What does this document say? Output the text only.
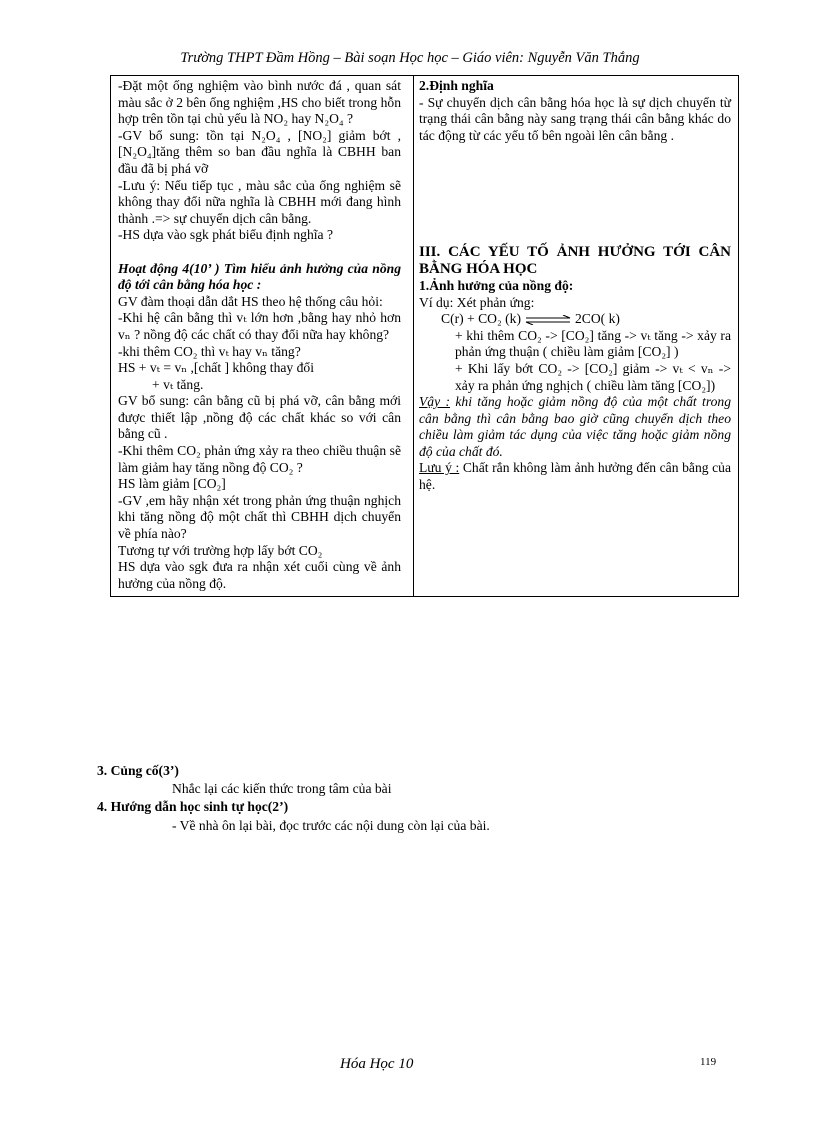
Trường THPT Đầm Hồng – Bài soạn Học học – Giáo viên: Nguyễn Văn Thắng
-Đặt một ống nghiệm vào bình nước đá , quan sát màu sắc ở 2 bên ống nghiệm ,HS cho biết trong hỗn hợp trên tồn tại chủ yếu là NO₂ hay N₂O₄ ?
-GV bổ sung: tồn tại N₂O₄ , [NO₂] giảm bớt , [N₂O₄]tăng thêm so ban đầu nghĩa là CBHH ban đầu đã bị phá vỡ
-Lưu ý: Nếu tiếp tục , màu sắc của ống nghiệm sẽ không thay đổi nữa nghĩa là CBHH mới đang hình thành .=> sự chuyển dịch cân bằng.
-HS dựa vào sgk phát biểu định nghĩa ?
Hoạt động 4(10’ ) Tìm hiểu ảnh hưởng của nồng độ tới cân bằng hóa học :
GV đàm thoại dẫn dắt HS theo hệ thống câu hỏi:
-Khi hệ cân bằng thì vₜ lớn hơn ,bằng hay nhỏ hơn vₙ ? nồng độ các chất có thay đổi nữa hay không?
-khi thêm CO₂ thì vₜ hay vₙ tăng?
HS + vₜ = vₙ ,[chất ] không thay đổi
+ vₜ tăng.
GV bổ sung: cân bằng cũ bị phá vỡ, cân bằng mới được thiết lập ,nồng độ các chất khác so với cân bằng cũ .
-Khi thêm CO₂ phản ứng xảy ra theo chiều thuận sẽ làm giảm hay tăng nồng độ CO₂ ?
HS làm giảm [CO₂]
-GV ,em hãy nhận xét trong phản ứng thuận nghịch khi tăng nồng độ một chất thì CBHH dịch chuyển về phía nào?
Tương tự với trường hợp lấy bớt CO₂
HS dựa vào sgk đưa ra nhận xét cuối cùng về ảnh hưởng của nồng độ.

2.Định nghĩa
- Sự chuyển dịch cân bằng hóa học là sự dịch chuyển từ trạng thái cân bằng này sang trạng thái cân bằng khác do tác động từ các yếu tố bên ngoài lên cân bằng .
III. CÁC YẾU TỐ ẢNH HƯỞNG TỚI CÂN BẰNG HÓA HỌC
1.Ảnh hưởng của nồng độ:
Ví dụ: Xét phản ứng:
C(r) + CO₂ (k) ⇌ 2CO( k)
+ khi thêm CO₂ -> [CO₂] tăng -> vₜ tăng -> xảy ra phản ứng thuận ( chiều làm giảm [CO₂] )
+ Khi lấy bớt CO₂ -> [CO₂] giảm -> vₜ < vₙ -> xảy ra phản ứng nghịch ( chiều làm tăng [CO₂])
Vậy : khi tăng hoặc giảm nồng độ của một chất trong cân bằng thì cân bằng bao giờ cũng chuyển dịch theo chiều làm giảm tác dụng của việc tăng hoặc giảm nồng độ của chất đó.
Lưu ý : Chất rắn không làm ảnh hưởng đến cân bằng của hệ.
3. Củng cố(3’)
Nhắc lại các kiến thức trong tâm của bài
4. Hướng dẫn học sinh tự học(2’)
- Về nhà ôn lại bài, đọc trước các nội dung còn lại của bài.
Hóa Học 10	119
